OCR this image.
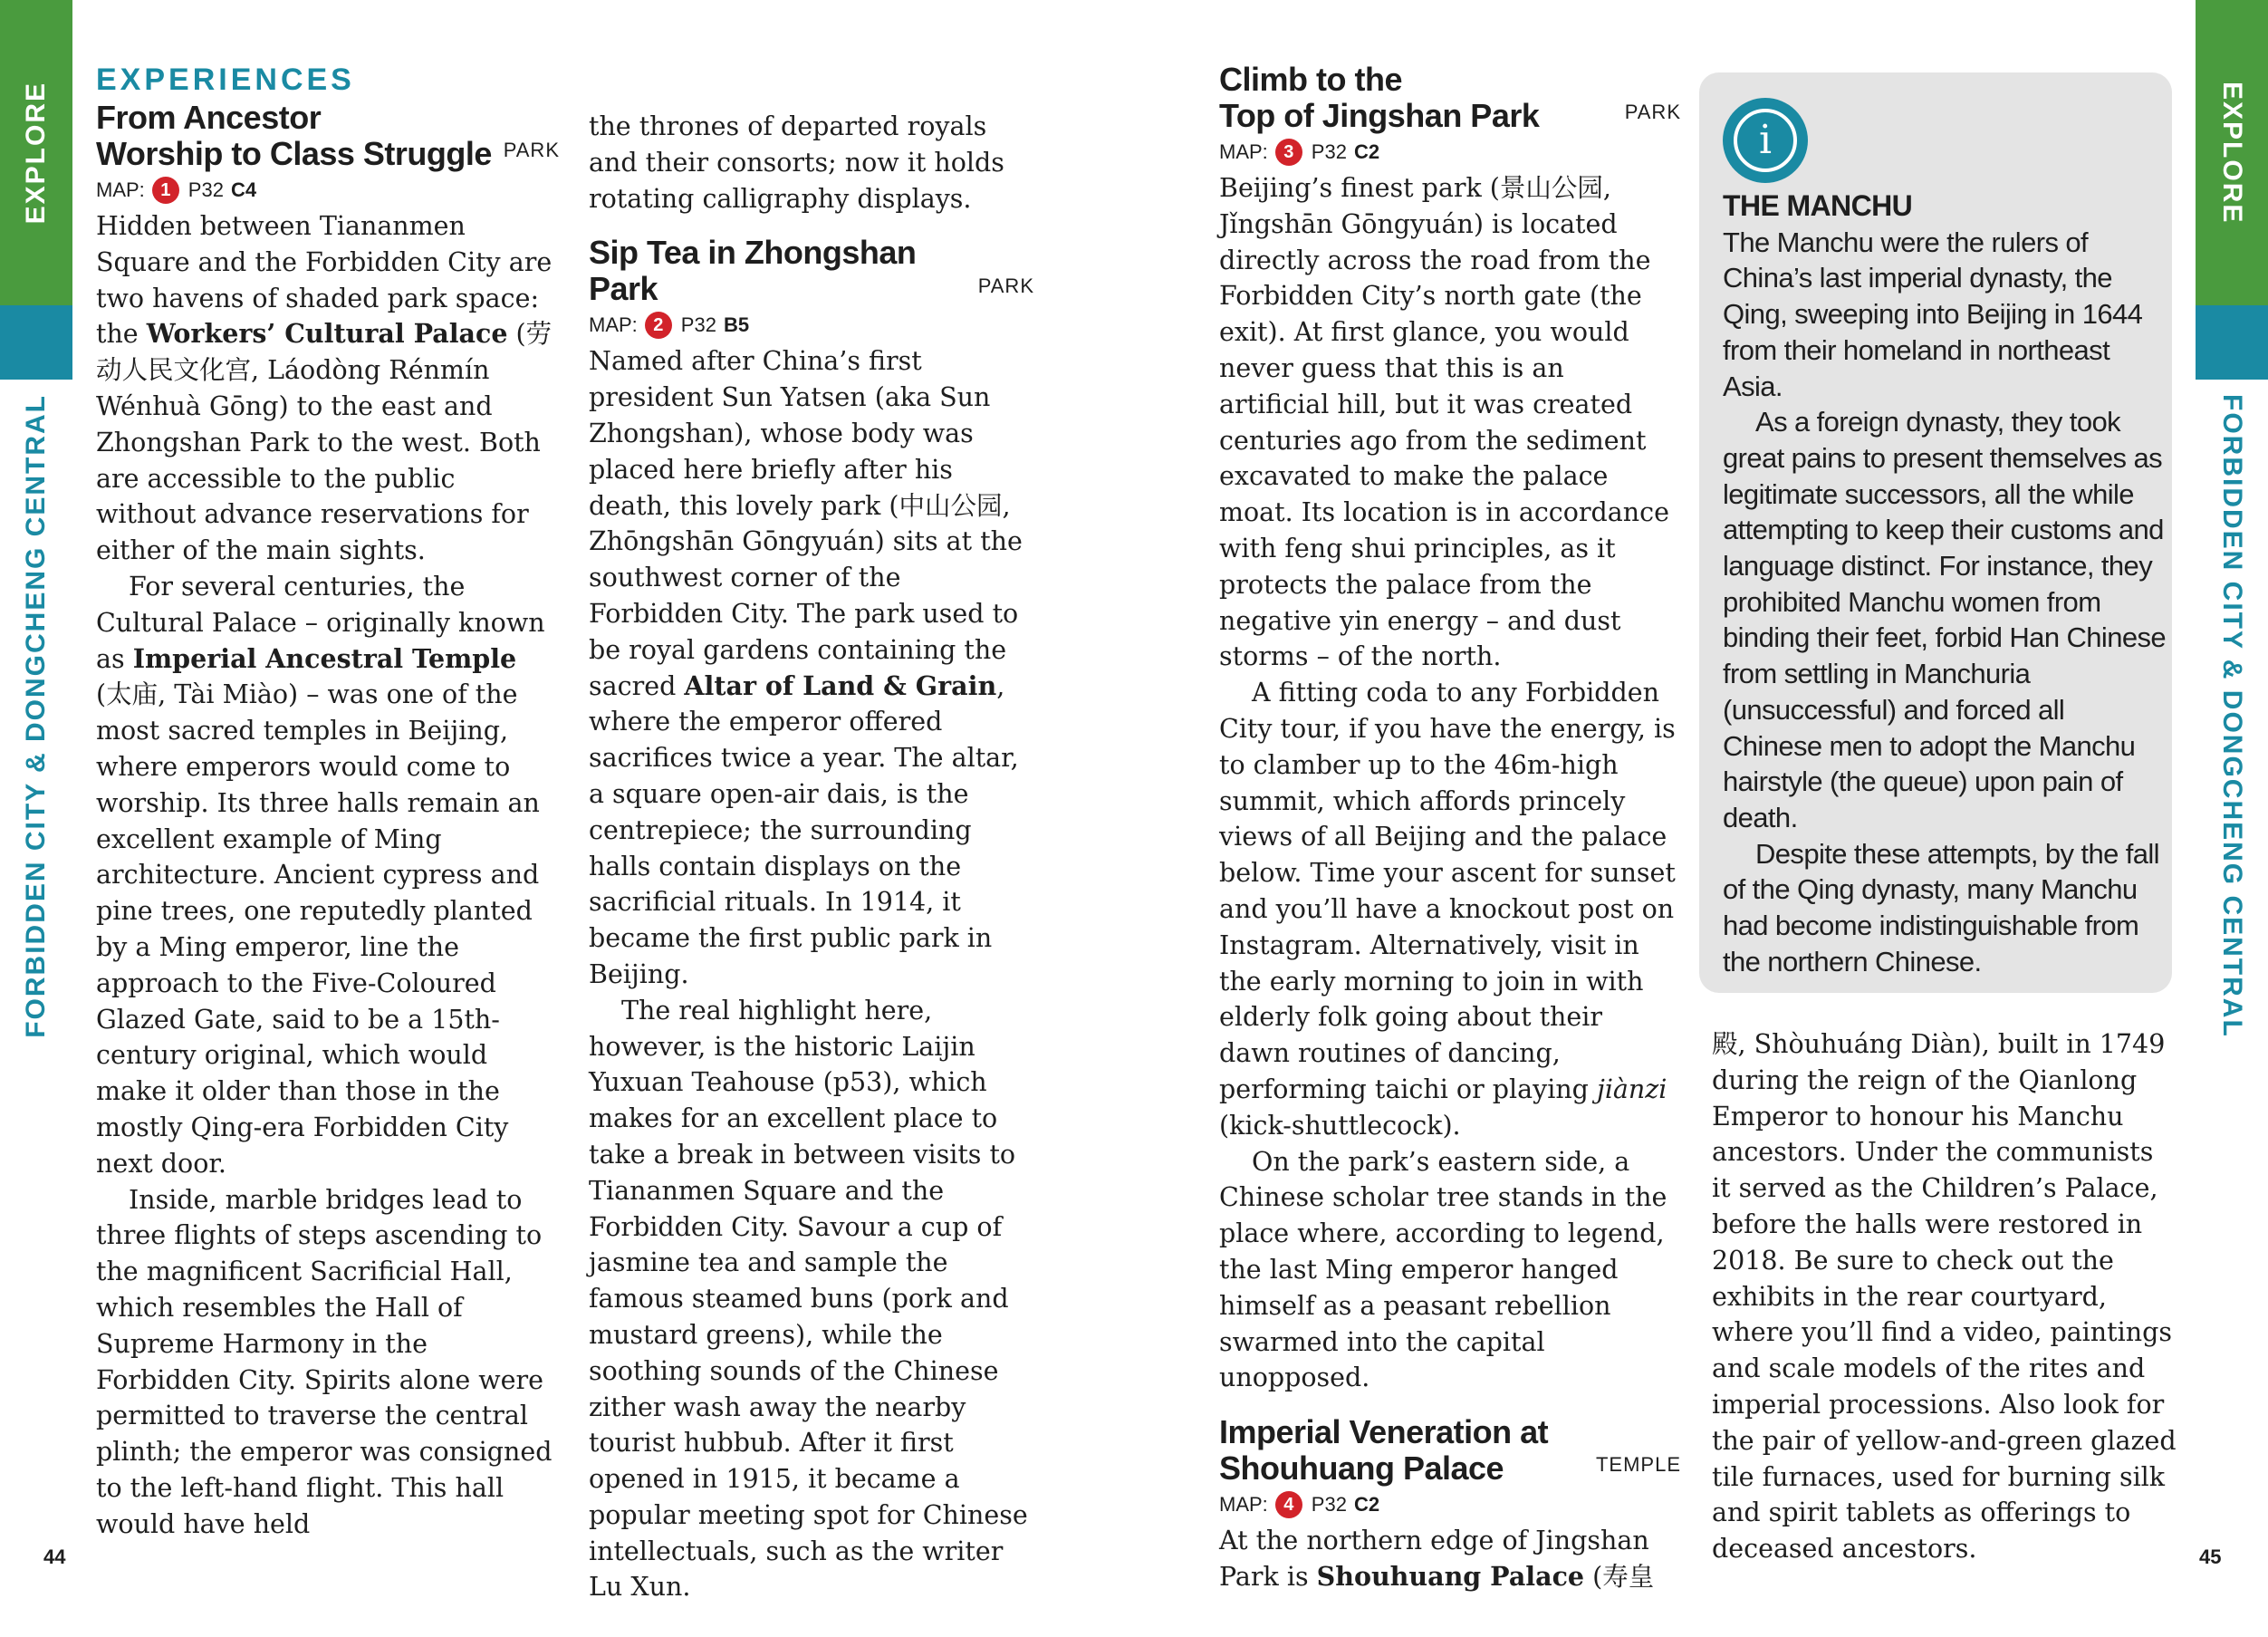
EXPLORE
FORBIDDEN CITY & DONGCHENG CENTRAL
EXPLORE
FORBIDDEN CITY & DONGCHENG CENTRAL
EXPERIENCES
From Ancestor
Worship to Class Struggle PARK
MAP: 1 P32 C4

Hidden between Tiananmen Square and the Forbidden City are two havens of shaded park space: the Workers’ Cultural Palace (劳动人民文化宫, Láodòng Rénmín Wénhuà Gōng) to the east and Zhongshan Park to the west. Both are accessible to the public without advance reservations for either of the main sights.

For several centuries, the Cultural Palace – originally known as Imperial Ancestral Temple (太庙, Tài Miào) – was one of the most sacred temples in Beijing, where emperors would come to worship. Its three halls remain an excellent example of Ming architecture. Ancient cypress and pine trees, one reputedly planted by a Ming emperor, line the approach to the Five-Coloured Glazed Gate, said to be a 15th-century original, which would make it older than those in the mostly Qing-era Forbidden City next door.

Inside, marble bridges lead to three flights of steps ascending to the magnificent Sacrificial Hall, which resembles the Hall of Supreme Harmony in the Forbidden City. Spirits alone were permitted to traverse the central plinth; the emperor was consigned to the left-hand flight. This hall would have held

the thrones of departed royals and their consorts; now it holds rotating calligraphy displays.

Sip Tea in Zhongshan Park	PARK
MAP: 2 P32 B5

Named after China’s first president Sun Yatsen (aka Sun Zhongshan), whose body was placed here briefly after his death, this lovely park (中山公园, Zhōngshān Gōngyuán) sits at the southwest corner of the Forbidden City. The park used to be royal gardens containing the sacred Altar of Land & Grain, where the emperor offered sacrifices twice a year. The altar, a square open-air dais, is the centrepiece; the surrounding halls contain displays on the sacrificial rituals. In 1914, it became the first public park in Beijing.

The real highlight here, however, is the historic Laijin Yuxuan Teahouse (p53), which makes for an excellent place to take a break in between visits to Tiananmen Square and the Forbidden City. Savour a cup of jasmine tea and sample the famous steamed buns (pork and mustard greens), while the soothing sounds of the Chinese zither wash away the nearby tourist hubbub. After it first opened in 1915, it became a popular meeting spot for Chinese intellectuals, such as the writer Lu Xun.

Climb to the
Top of Jingshan Park	PARK
MAP: 3 P32 C2

Beijing’s finest park (景山公园, Jǐngshān Gōngyuán) is located directly across the road from the Forbidden City’s north gate (the exit). At first glance, you would never guess that this is an artificial hill, but it was created centuries ago from the sediment excavated to make the palace moat. Its location is in accordance with feng shui principles, as it protects the palace from the negative yin energy – and dust storms – of the north.

A fitting coda to any Forbidden City tour, if you have the energy, is to clamber up to the 46m-high summit, which affords princely views of all Beijing and the palace below. Time your ascent for sunset and you’ll have a knockout post on Instagram. Alternatively, visit in the early morning to join in with elderly folk going about their dawn routines of dancing, performing taichi or playing jiànzi (kick-shuttlecock).

On the park’s eastern side, a Chinese scholar tree stands in the place where, according to legend, the last Ming emperor hanged himself as a peasant rebellion swarmed into the capital unopposed.

Imperial Veneration at
Shouhuang Palace	TEMPLE
MAP: 4 P32 C2

At the northern edge of Jingshan Park is Shouhuang Palace (寿皇

i
THE MANCHU

The Manchu were the rulers of China’s last imperial dynasty, the Qing, sweeping into Beijing in 1644 from their homeland in northeast Asia.

As a foreign dynasty, they took great pains to present themselves as legitimate successors, all the while attempting to keep their customs and language distinct. For instance, they prohibited Manchu women from binding their feet, forbid Han Chinese from settling in Manchuria (unsuccessful) and forced all Chinese men to adopt the Manchu hairstyle (the queue) upon pain of death.

Despite these attempts, by the fall of the Qing dynasty, many Manchu had become indistinguishable from the northern Chinese.

殿, Shòuhuáng Diàn), built in 1749 during the reign of the Qianlong Emperor to honour his Manchu ancestors. Under the communists it served as the Children’s Palace, before the halls were restored in 2018. Be sure to check out the exhibits in the rear courtyard, where you’ll find a video, paintings and scale models of the rites and imperial processions. Also look for the pair of yellow-and-green glazed tile furnaces, used for burning silk and spirit tablets as offerings to deceased ancestors.

44	45
